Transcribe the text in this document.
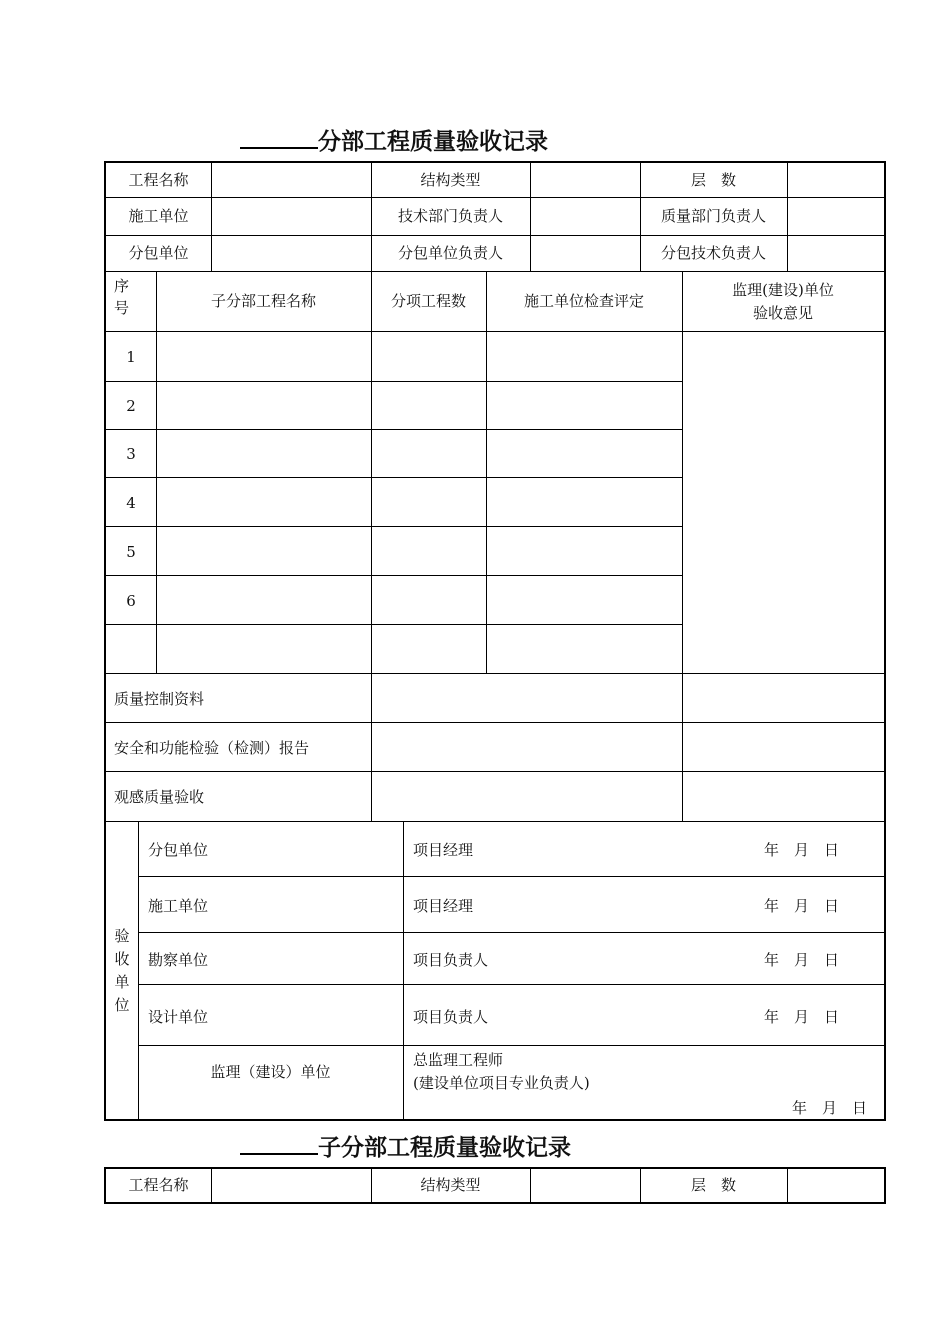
分部工程质量验收记录
工程名称	结构类型	层　数
施工单位	技术部门负责人	质量部门负责人
分包单位	分包单位负责人	分包技术负责人
序
号	子分部工程名称	分项工程数	施工单位检查评定
监理(建设)单位
验收意见
1
2
3
4
5
6
质量控制资料
安全和功能检验（检测）报告
观感质量验收
验
收
单
位
分包单位	项目经理	年　月　日
施工单位	项目经理	年　月　日
勘察单位	项目负责人	年　月　日
设计单位	项目负责人	年　月　日
监理（建设）单位
总监理工程师
(建设单位项目专业负责人)
年　月　日
子分部工程质量验收记录
工程名称	结构类型	层　数
